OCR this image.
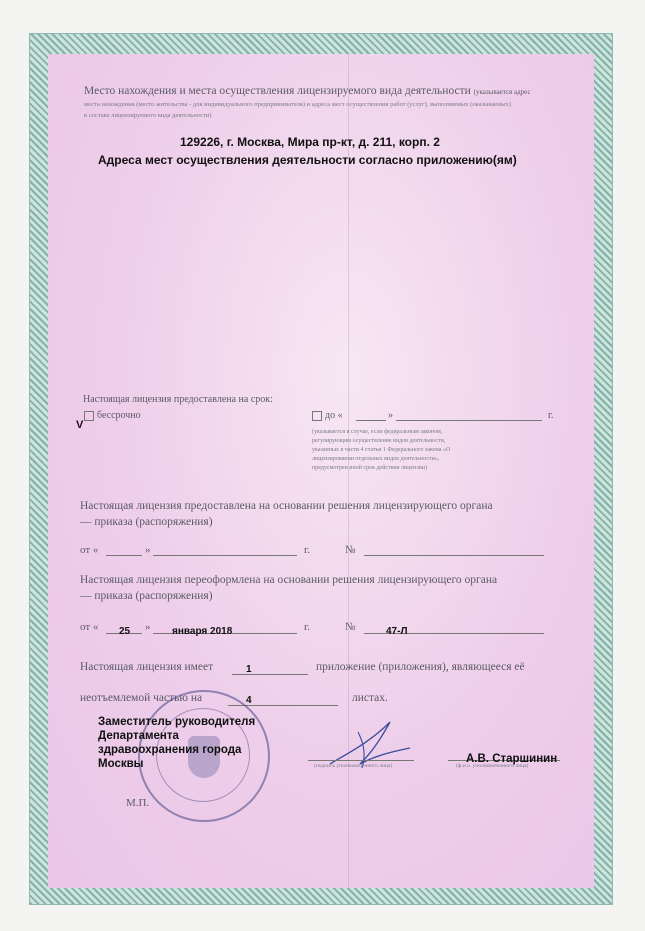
Место нахождения и места осуществления лицензируемого вида деятельности (указывается адрес
места нахождения (место жительства - для индивидуального предпринимателя) и адреса мест осуществления работ (услуг), выполняемых (оказываемых)
в составе лицензируемого вида деятельности)
129226, г. Москва, Мира пр-кт, д. 211, корп. 2
Адреса мест осуществления деятельности согласно приложению(ям)
Настоящая лицензия предоставлена на срок:
V
бессрочно	до «	»	г.
(указывается в случае, если федеральным законом, регулирующим осуществление видов деятельности, указанных в части 4 статьи 1 Федерального закона «О лицензировании отдельных видов деятельности», предусмотрен иной срок действия лицензии)
Настоящая лицензия предоставлена на основании решения лицензирующего органа
— приказа (распоряжения)
от «	»	г.	№
Настоящая лицензия переоформлена на основании решения лицензирующего органа
— приказа (распоряжения)
от « 25 » января 2018	г.	№	47-Л
Настоящая лицензия имеет	1	приложение (приложения), являющееся её
неотъемлемой частью на	4	листах.
Заместитель руководителя
Департамента
здравоохранения города
Москвы	(подпись уполномоченного лица)	(ф.и.о. уполномоченного лица)
А.В. Старшинин
М.П.
